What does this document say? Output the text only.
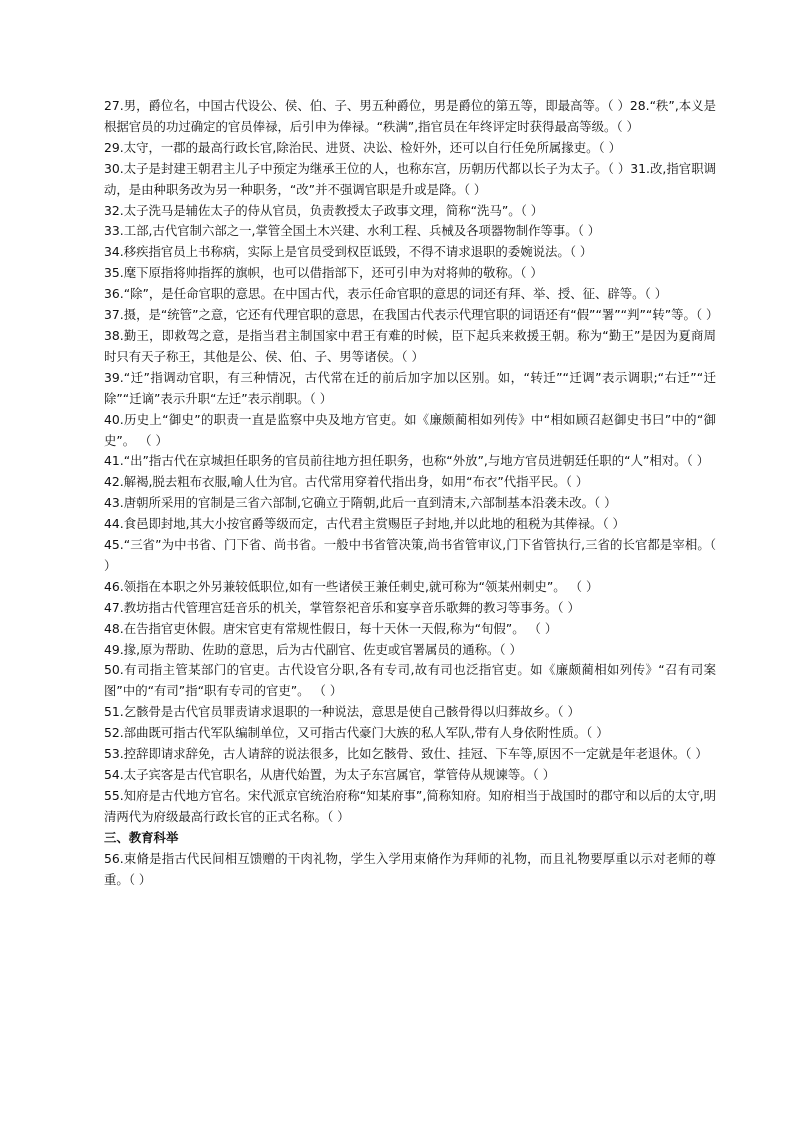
27.男，爵位名，中国古代设公、侯、伯、子、男五种爵位，男是爵位的第五等，即最高等。（ ）28.“秩”,本义是根据官员的功过确定的官员俸禄，后引申为俸禄。“秩满”,指官员在年终评定时获得最高等级。（ ）

29.太守，一郡的最高行政长官,除治民、进贤、决讼、检奸外，还可以自行任免所属掾吏。（ ）

30.太子是封建王朝君主儿子中预定为继承王位的人，也称东宫，历朝历代都以长子为太子。（ ）31.改,指官职调动，是由种职务改为另一种职务，“改”并不强调官职是升或是降。（ ）

32.太子洗马是辅佐太子的侍从官员，负责教授太子政事文理，简称“洗马”。（ ）

33.工部,古代官制六部之一,掌管全国土木兴建、水利工程、兵械及各项器物制作等事。（ ）

34.移疾指官员上书称病，实际上是官员受到权臣诋毁，不得不请求退职的委婉说法。（ ）

35.麾下原指将帅指挥的旗帜，也可以借指部下，还可引申为对将帅的敬称。（ ）

36.“除”，是任命官职的意思。在中国古代，表示任命官职的意思的词还有拜、举、授、征、辟等。（ ）

37.摄，是“统管”之意，它还有代理官职的意思，在我国古代表示代理官职的词语还有“假”“署”“判”“转”等。（ ）

38.勤王，即救驾之意，是指当君主制国家中君王有难的时候，臣下起兵来救援王朝。称为“勤王”是因为夏商周时只有天子称王，其他是公、侯、伯、子、男等诸侯。（ ）

39.“迁”指调动官职，有三种情况，古代常在迁的前后加字加以区别。如，“转迁”“迁调”表示调职;“右迁”“迁除”“迁谪”表示升职“左迁”表示削职。（ ）

40.历史上“御史”的职责一直是监察中央及地方官吏。如《廉颇蔺相如列传》中“相如顾召赵御史书曰”中的“御史”。 （ ）

41.“出”指古代在京城担任职务的官员前往地方担任职务，也称“外放”,与地方官员进朝廷任职的“人”相对。（ ）

42.解褐,脱去粗布衣服,喻人仕为官。古代常用穿着代指出身，如用“布衣”代指平民。（ ）

43.唐朝所采用的官制是三省六部制,它确立于隋朝,此后一直到清末,六部制基本沿袭未改。（ ）

44.食邑即封地,其大小按官爵等级而定，古代君主赏赐臣子封地,并以此地的租税为其俸禄。（ ）

45.“三省”为中书省、门下省、尚书省。一般中书省管决策,尚书省管审议,门下省管执行,三省的长官都是宰相。（ ）

46.领指在本职之外另兼较低职位,如有一些诸侯王兼任刺史,就可称为“领某州刺史”。 （ ）

47.教坊指古代管理宫廷音乐的机关，掌管祭祀音乐和宴享音乐歌舞的教习等事务。（ ）

48.在告指官吏休假。唐宋官吏有常规性假日，每十天休一天假,称为“旬假”。 （ ）

49.掾,原为帮助、佐助的意思，后为古代副官、佐吏或官署属员的通称。（ ）

50.有司指主管某部门的官吏。古代设官分职,各有专司,故有司也泛指官吏。如《廉颇蔺相如列传》“召有司案图”中的“有司”指“职有专司的官吏”。 （ ）

51.乞骸骨是古代官员罪责请求退职的一种说法，意思是使自己骸骨得以归葬故乡。（ ）

52.部曲既可指古代军队编制单位，又可指古代豪门大族的私人军队,带有人身依附性质。（ ）

53.控辞即请求辞免，古人请辞的说法很多，比如乞骸骨、致仕、挂冠、下车等,原因不一定就是年老退休。（ ）

54.太子宾客是古代官职名，从唐代始置，为太子东宫属官，掌管侍从规谏等。（ ）

55.知府是古代地方官名。宋代派京官统治府称“知某府事”,简称知府。知府相当于战国时的郡守和以后的太守,明清两代为府级最高行政长官的正式名称。（ ）

三、教育科举

56.束脩是指古代民间相互馈赠的干肉礼物，学生入学用束脩作为拜师的礼物，而且礼物要厚重以示对老师的尊重。（ ）
